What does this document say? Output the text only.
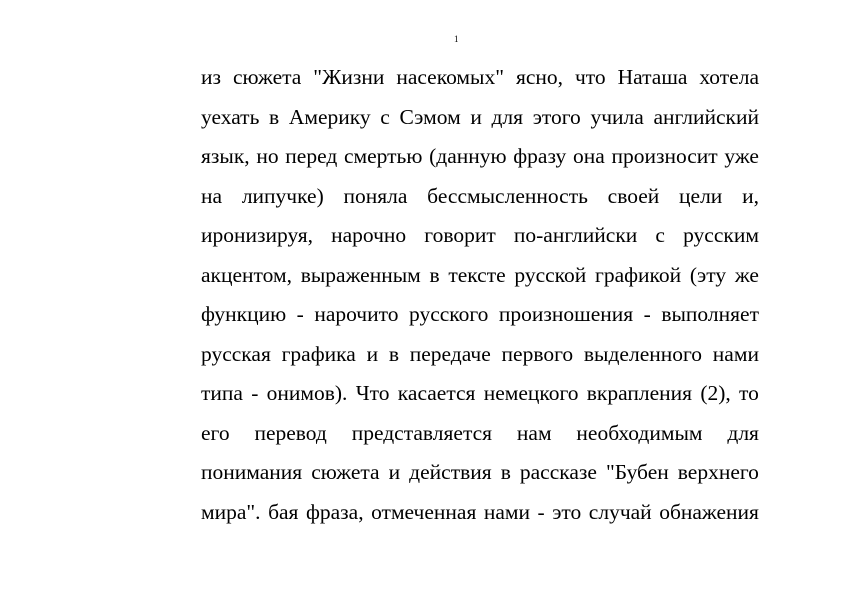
1
из сюжета "Жизни насекомых" ясно, что Наташа хотела
уехать в Америку с Сэмом и для этого учила английский
язык, но перед смертью (данную фразу она произносит уже
на липучке) поняла бессмысленность своей цели и,
иронизируя, нарочно говорит по-английски с русским
акцентом, выраженным в тексте русской графикой (эту же
функцию - нарочито русского произношения - выполняет
русская графика и в передаче первого выделенного нами
типа - онимов). Что касается немецкого вкрапления (2), то
его перевод представляется нам необходимым для
понимания сюжета и действия в рассказе "Бубен верхнего
мира". бая фраза, отмеченная нами - это случай обнажения
